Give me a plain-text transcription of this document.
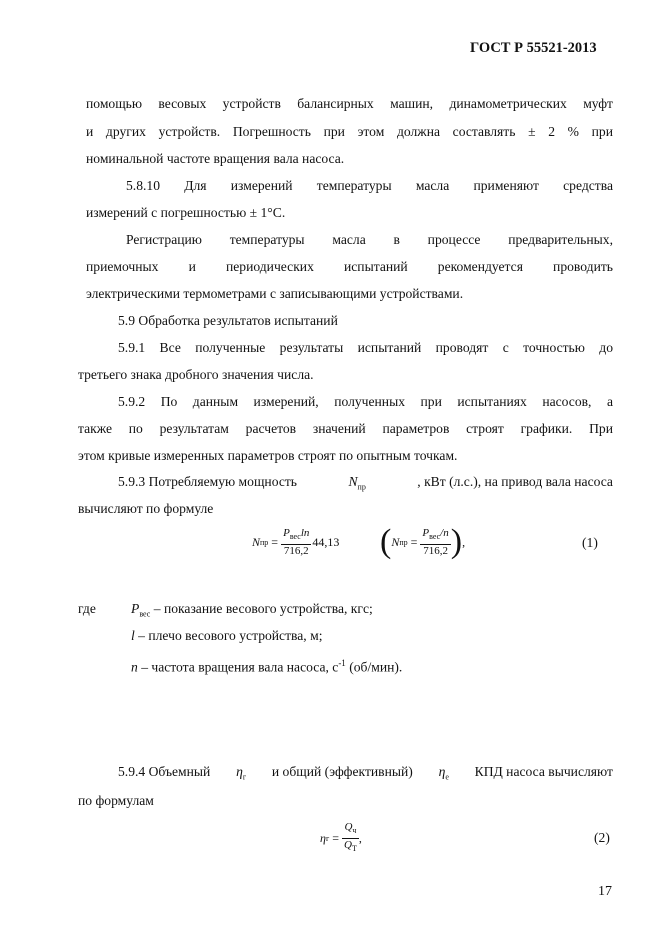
ГОСТ Р 55521-2013
помощью весовых устройств балансирных машин, динамометрических муфт
и других устройств. Погрешность при этом должна составлять ± 2 % при
номинальной частоте вращения вала насоса.
5.8.10 Для измерений температуры масла применяют средства
измерений с погрешностью ± 1°С.
Регистрацию температуры масла в процессе предварительных,
приемочных и периодических испытаний рекомендуется проводить
электрическими термометрами с записывающими устройствами.
5.9 Обработка результатов испытаний
5.9.1 Все полученные результаты испытаний проводят с точностью до
третьего знака дробного значения числа.
5.9.2 По данным измерений, полученных при испытаниях насосов, а
также по результатам расчетов значений параметров строят графики. При
этом кривые измеренных параметров строят по опытным точкам.
5.9.3 Потребляемую мощность	$N_{пр}$	, кВт (л.с.), на привод вала насоса
вычисляют по формуле
N пр = $\frac{P_{вес}\ln}{716,2} 44,13$ ( N пр = $\frac{P_{вес}/n}{716,2}$ ) ,	(1)
где	$P_{вес}$ – показание весового устройства, кгс;
l – плечо весового устройства, м;
n – частота вращения вала насоса, $с^{-1}$ (об/мин).
5.9.4 Объемный $\eta_г$ и общий (эффективный) $\eta_e$ КПД насоса вычисляют
по формулам
η $г = \frac{Q_ч}{Q_T}$ ,	(2)
17
